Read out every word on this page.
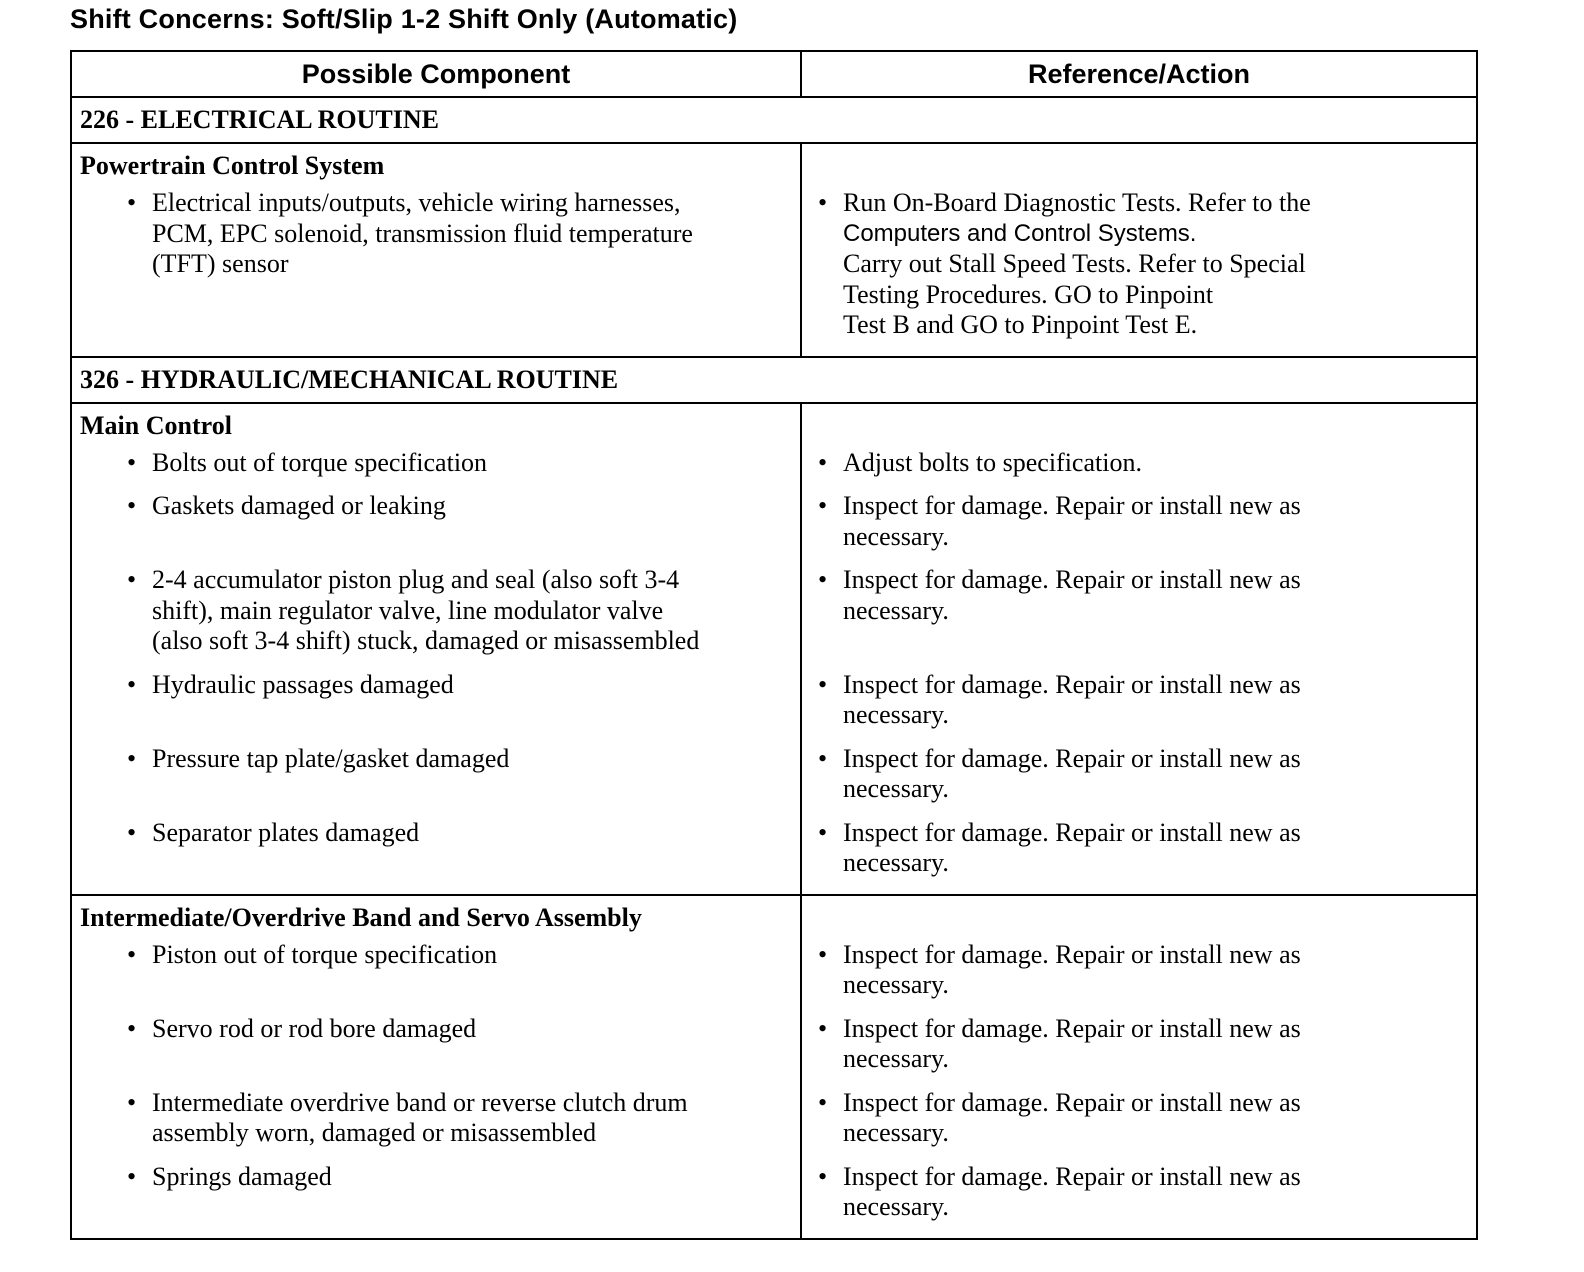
Shift Concerns: Soft/Slip 1-2 Shift Only (Automatic)
Possible Component	Reference/Action
226 - ELECTRICAL ROUTINE
Powertrain Control System
• Electrical inputs/outputs, vehicle wiring harnesses,
PCM, EPC solenoid, transmission fluid temperature
(TFT) sensor
• Run On-Board Diagnostic Tests. Refer to the
Computers and Control Systems.
Carry out Stall Speed Tests. Refer to Special
Testing Procedures. GO to Pinpoint
Test B and GO to Pinpoint Test E.
326 - HYDRAULIC/MECHANICAL ROUTINE
Main Control
• Bolts out of torque specification
• Gaskets damaged or leaking
• 2-4 accumulator piston plug and seal (also soft 3-4
shift), main regulator valve, line modulator valve
(also soft 3-4 shift) stuck, damaged or misassembled
• Hydraulic passages damaged
• Pressure tap plate/gasket damaged
• Separator plates damaged
• Adjust bolts to specification.
• Inspect for damage. Repair or install new as
necessary.
• Inspect for damage. Repair or install new as
necessary.
• Inspect for damage. Repair or install new as
necessary.
• Inspect for damage. Repair or install new as
necessary.
• Inspect for damage. Repair or install new as
necessary.
Intermediate/Overdrive Band and Servo Assembly
• Piston out of torque specification
• Servo rod or rod bore damaged
• Intermediate overdrive band or reverse clutch drum
assembly worn, damaged or misassembled
• Springs damaged
• Inspect for damage. Repair or install new as
necessary.
• Inspect for damage. Repair or install new as
necessary.
• Inspect for damage. Repair or install new as
necessary.
• Inspect for damage. Repair or install new as
necessary.
